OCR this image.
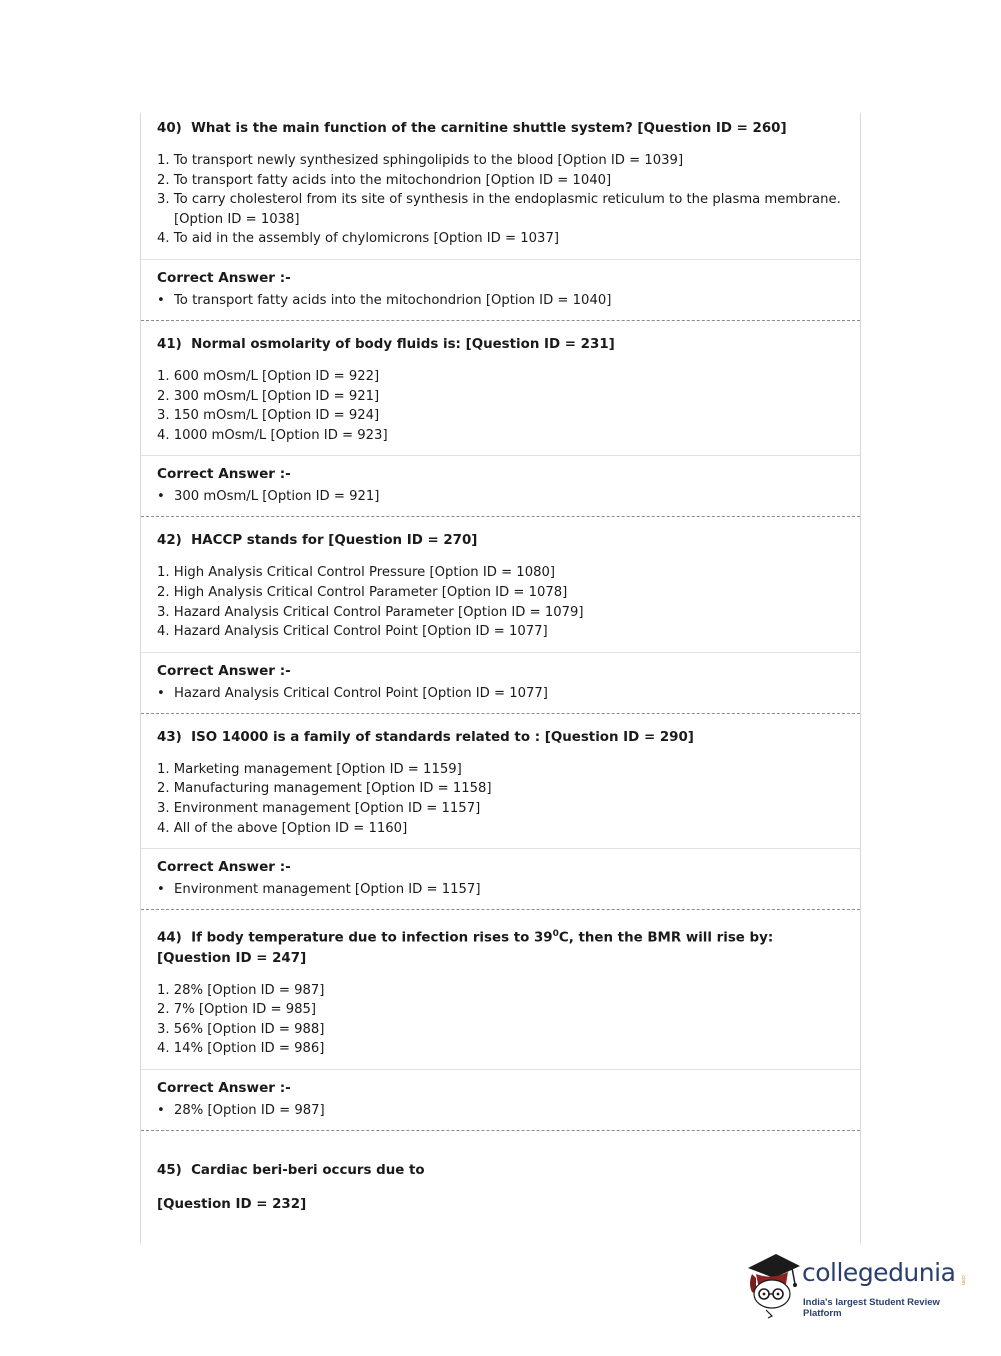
40) What is the main function of the carnitine shuttle system? [Question ID = 260]

1. To transport newly synthesized sphingolipids to the blood [Option ID = 1039]
2. To transport fatty acids into the mitochondrion [Option ID = 1040]
3. To carry cholesterol from its site of synthesis in the endoplasmic reticulum to the plasma membrane.
[Option ID = 1038]
4. To aid in the assembly of chylomicrons [Option ID = 1037]
Correct Answer :-
• To transport fatty acids into the mitochondrion [Option ID = 1040]

41) Normal osmolarity of body fluids is: [Question ID = 231]

1. 600 mOsm/L [Option ID = 922]
2. 300 mOsm/L [Option ID = 921]
3. 150 mOsm/L [Option ID = 924]
4. 1000 mOsm/L [Option ID = 923]
Correct Answer :-
• 300 mOsm/L [Option ID = 921]

42) HACCP stands for [Question ID = 270]

1. High Analysis Critical Control Pressure [Option ID = 1080]
2. High Analysis Critical Control Parameter [Option ID = 1078]
3. Hazard Analysis Critical Control Parameter [Option ID = 1079]
4. Hazard Analysis Critical Control Point [Option ID = 1077]
Correct Answer :-
• Hazard Analysis Critical Control Point [Option ID = 1077]

43) ISO 14000 is a family of standards related to : [Question ID = 290]

1. Marketing management [Option ID = 1159]
2. Manufacturing management [Option ID = 1158]
3. Environment management [Option ID = 1157]
4. All of the above [Option ID = 1160]
Correct Answer :-
• Environment management [Option ID = 1157]

44) If body temperature due to infection rises to $39^0C$, then the BMR will rise by: [Question ID = 247]

1. 28% [Option ID = 987]
2. 7% [Option ID = 985]
3. 56% [Option ID = 988]
4. 14% [Option ID = 986]
Correct Answer :-
• 28% [Option ID = 987]

45) Cardiac beri-beri occurs due to

[Question ID = 232]

collegedunia .com
India's largest Student Review Platform
